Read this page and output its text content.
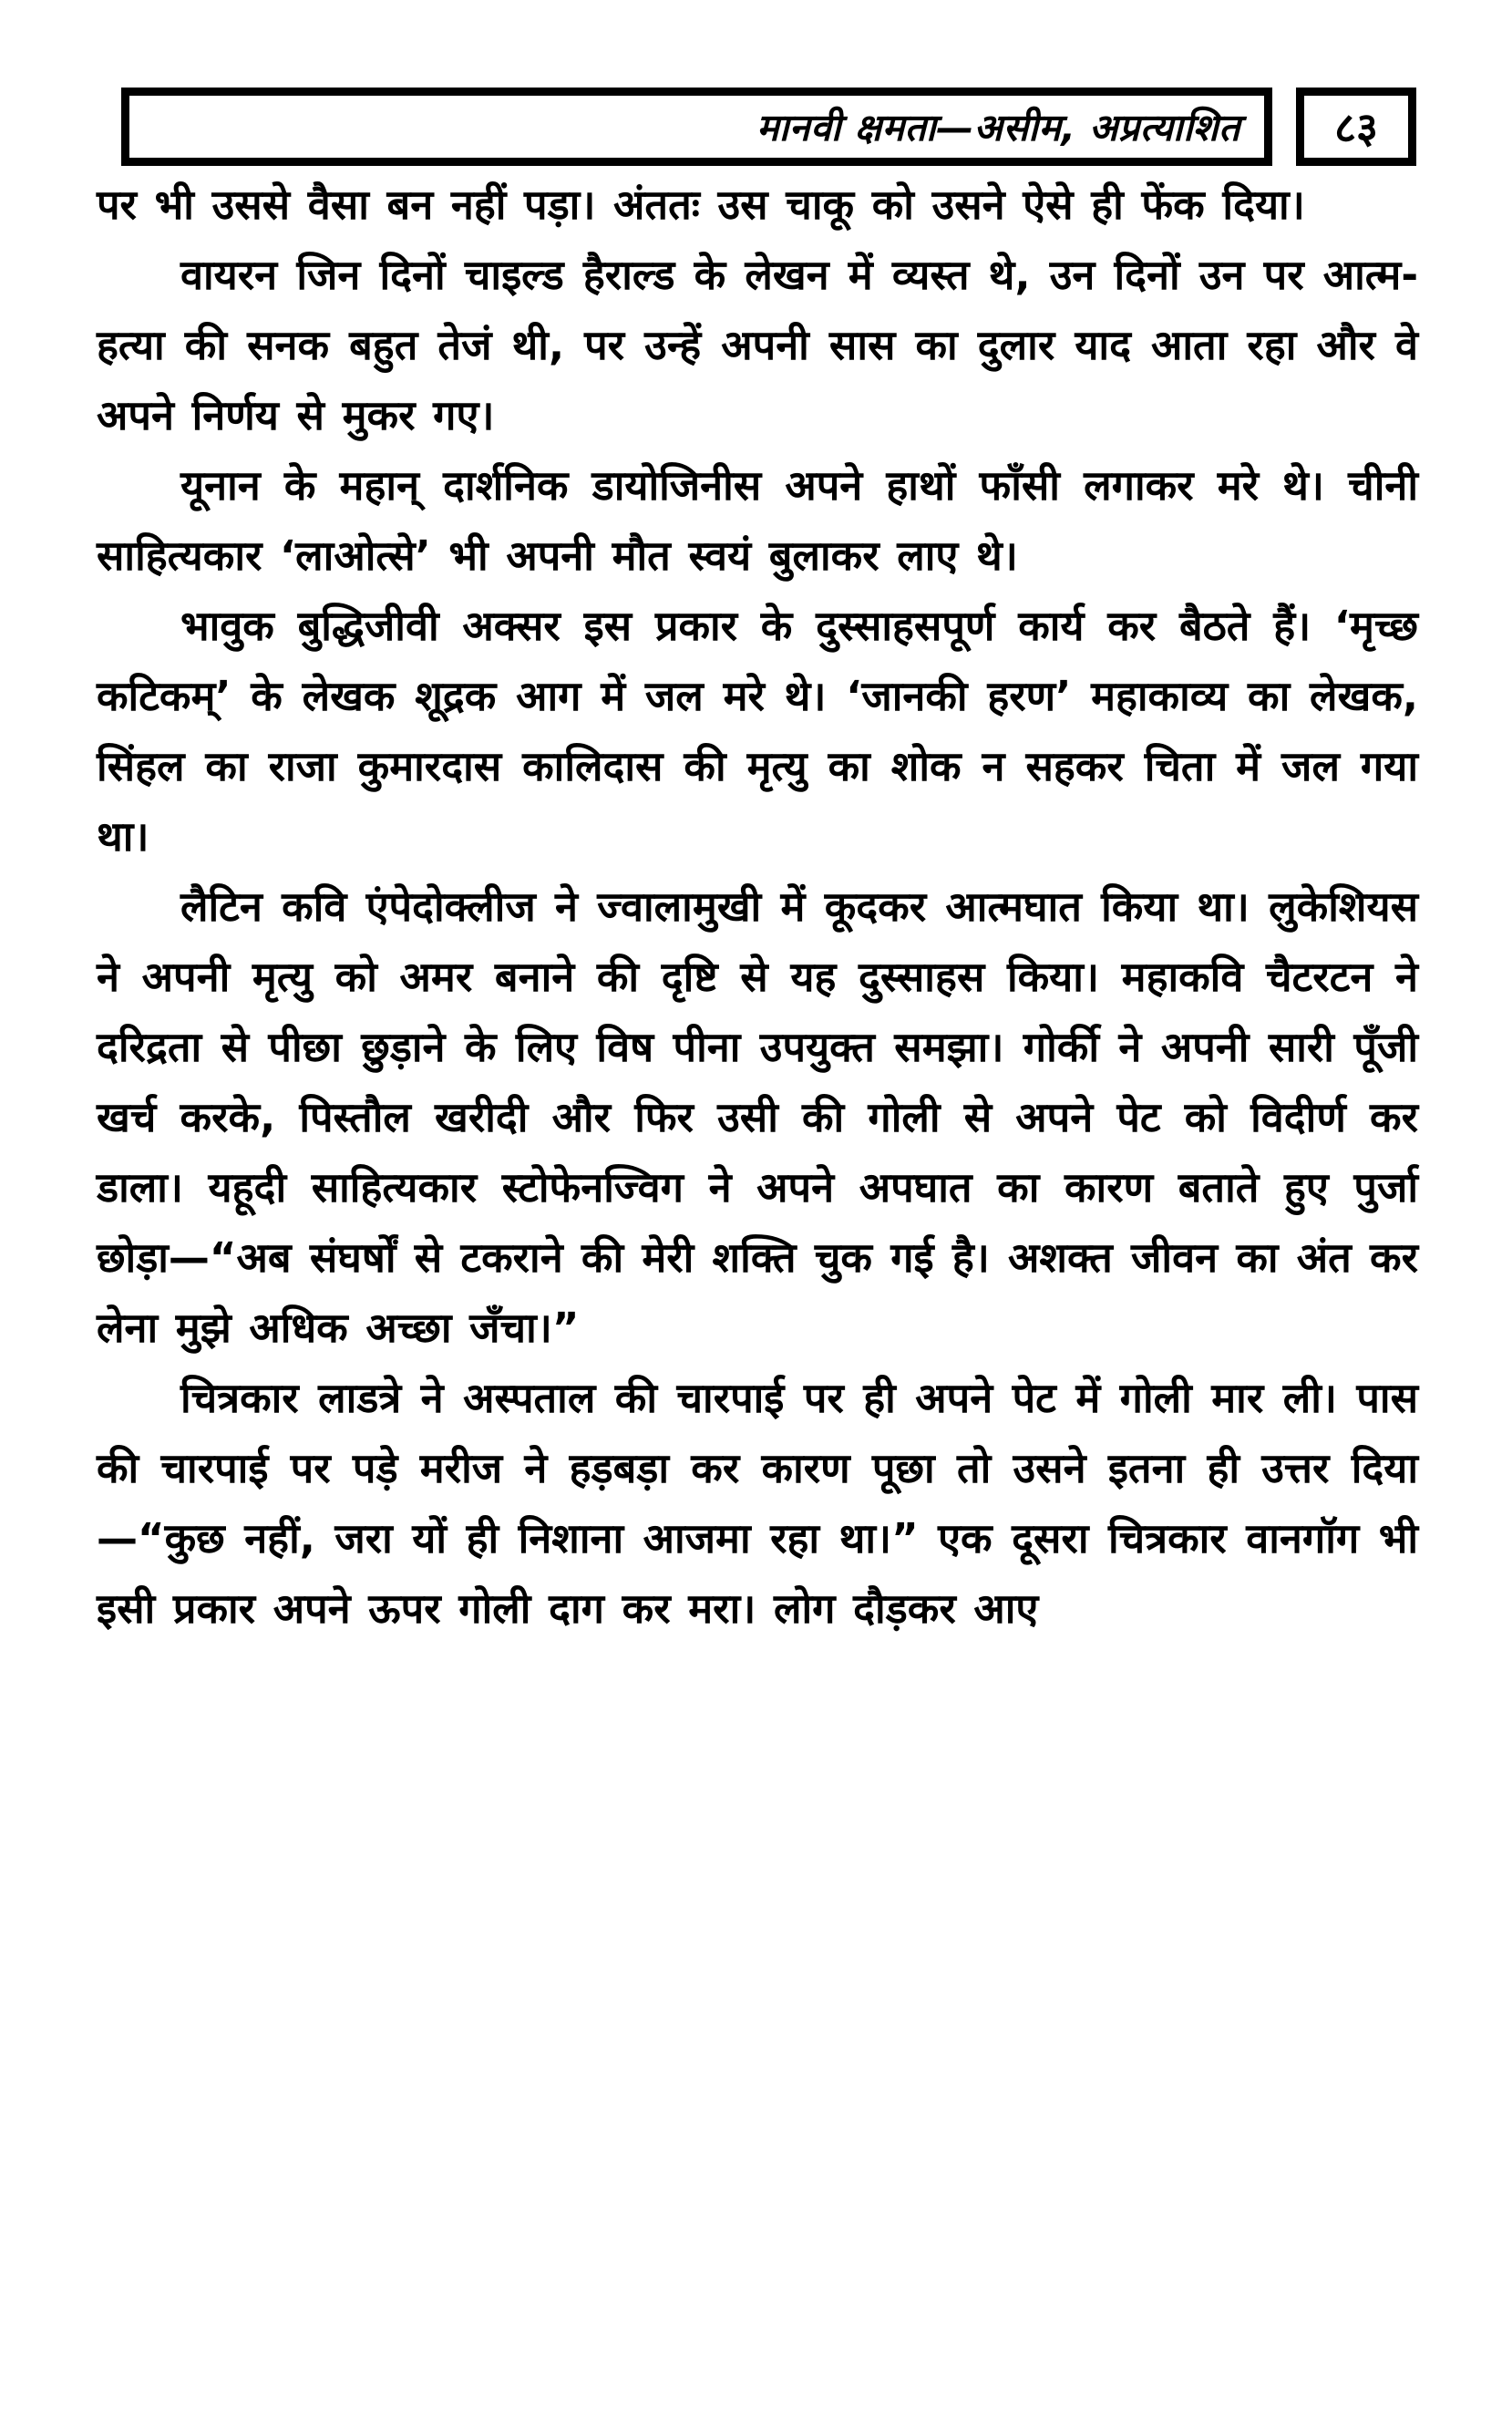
मानवी क्षमता—असीम, अप्रत्याशित ८३

पर भी उससे वैसा बन नहीं पड़ा। अंततः उस चाकू को उसने ऐसे ही फेंक दिया।

वायरन जिन दिनों चाइल्ड हैराल्ड के लेखन में व्यस्त थे, उन दिनों उन पर आत्म-हत्या की सनक बहुत तेजं थी, पर उन्हें अपनी सास का दुलार याद आता रहा और वे अपने निर्णय से मुकर गए।

यूनान के महान् दार्शनिक डायोजिनीस अपने हाथों फाँसी लगाकर मरे थे। चीनी साहित्यकार ‘लाओत्से’ भी अपनी मौत स्वयं बुलाकर लाए थे।

भावुक बुद्धिजीवी अक्सर इस प्रकार के दुस्साहसपूर्ण कार्य कर बैठते हैं। ‘मृच्छ कटिकम्’ के लेखक शूद्रक आग में जल मरे थे। ‘जानकी हरण’ महाकाव्य का लेखक, सिंहल का राजा कुमारदास कालिदास की मृत्यु का शोक न सहकर चिता में जल गया था।

लैटिन कवि एंपेदोक्लीज ने ज्वालामुखी में कूदकर आत्मघात किया था। लुकेशियस ने अपनी मृत्यु को अमर बनाने की दृष्टि से यह दुस्साहस किया। महाकवि चैटरटन ने दरिद्रता से पीछा छुड़ाने के लिए विष पीना उपयुक्त समझा। गोर्की ने अपनी सारी पूँजी खर्च करके, पिस्तौल खरीदी और फिर उसी की गोली से अपने पेट को विदीर्ण कर डाला। यहूदी साहित्यकार स्टोफेनज्विग ने अपने अपघात का कारण बताते हुए पुर्जा छोड़ा—“अब संघर्षों से टकराने की मेरी शक्ति चुक गई है। अशक्त जीवन का अंत कर लेना मुझे अधिक अच्छा जँचा।”

चित्रकार लाडत्रे ने अस्पताल की चारपाई पर ही अपने पेट में गोली मार ली। पास की चारपाई पर पड़े मरीज ने हड़बड़ा कर कारण पूछा तो उसने इतना ही उत्तर दिया—“कुछ नहीं, जरा यों ही निशाना आजमा रहा था।” एक दूसरा चित्रकार वानगॉग भी इसी प्रकार अपने ऊपर गोली दाग कर मरा। लोग दौड़कर आए
